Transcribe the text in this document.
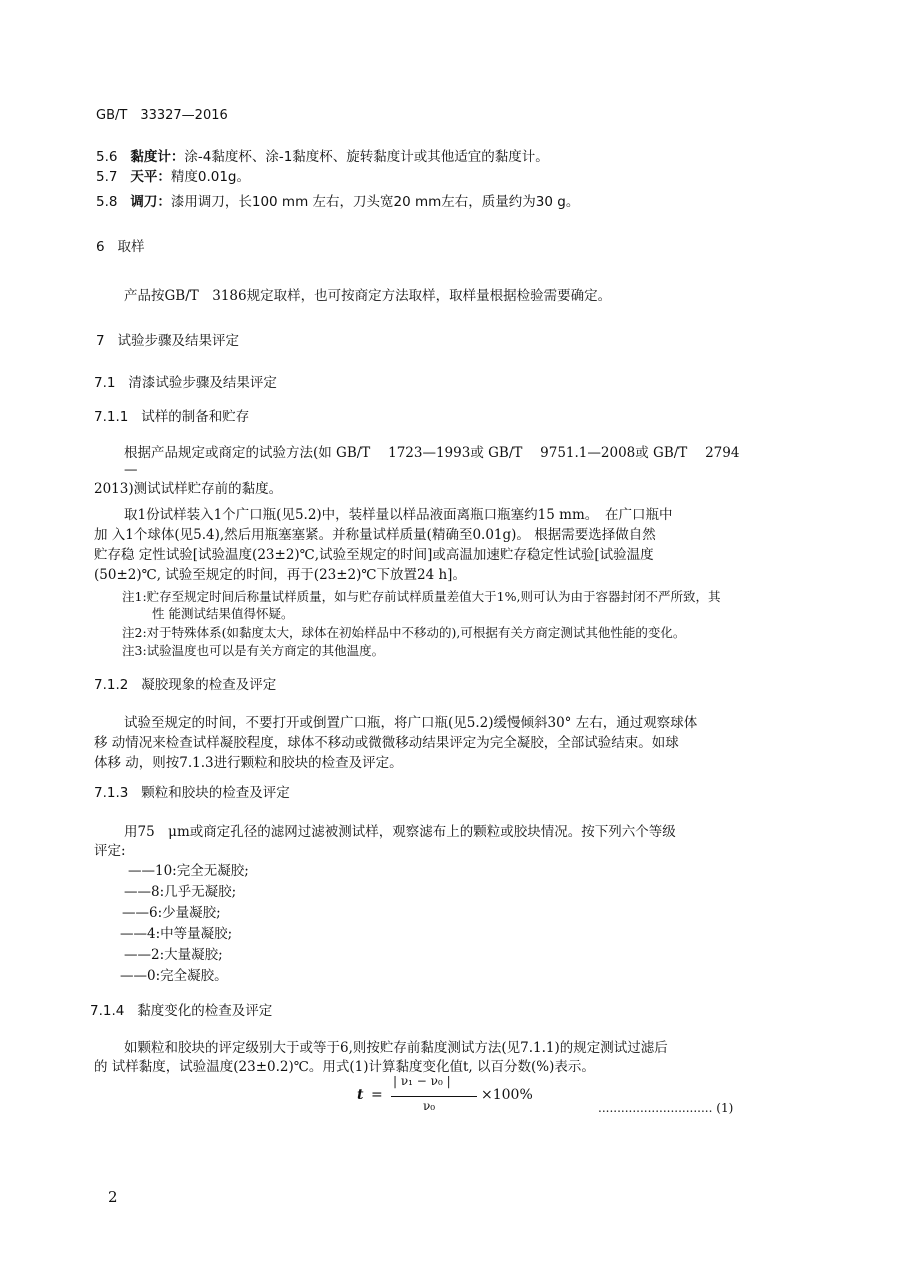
GB/T　33327—2016
5.6 黏度计：涂-4黏度杯、涂-1黏度杯、旋转黏度计或其他适宜的黏度计。
5.7 天平：精度0.01g。
5.8 调刀：漆用调刀，长100 mm 左右，刀头宽20 mm左右，质量约为30 g。
6 取样
产品按GB/T　3186规定取样，也可按商定方法取样，取样量根据检验需要确定。
7 试验步骤及结果评定
7.1 清漆试验步骤及结果评定
7.1.1 试样的制备和贮存
根据产品规定或商定的试验方法(如 GB/T　 1723—1993或 GB/T　 9751.1—2008或 GB/T　 2794
—
2013)测试试样贮存前的黏度。
取1份试样装入1个广口瓶(见5.2)中，装样量以样品液面离瓶口瓶塞约15 mm。　在广口瓶中
加 入1个球体(见5.4),然后用瓶塞塞紧。并称量试样质量(精确至0.01g)。 根据需要选择做自然
贮存稳 定性试验[试验温度(23±2)℃,试验至规定的时间]或高温加速贮存稳定性试验[试验温度
(50±2)℃, 试验至规定的时间，再于(23±2)℃下放置24 h]。
注1:贮存至规定时间后称量试样质量，如与贮存前试样质量差值大于1%,则可认为由于容器封闭不严所致，其
性 能测试结果值得怀疑。
注2:对于特殊体系(如黏度太大，球体在初始样品中不移动的),可根据有关方商定测试其他性能的变化。
注3:试验温度也可以是有关方商定的其他温度。
7.1.2 凝胶现象的检查及评定
试验至规定的时间，不要打开或倒置广口瓶，将广口瓶(见5.2)缓慢倾斜30° 左右，通过观察球体
移 动情况来检查试样凝胶程度，球体不移动或微微移动结果评定为完全凝胶，全部试验结束。如球
体移 动，则按7.1.3进行颗粒和胶块的检查及评定。
7.1.3 颗粒和胶块的检查及评定
用75　μm或商定孔径的滤网过滤被测试样，观察滤布上的颗粒或胶块情况。按下列六个等级
评定:
——10:完全无凝胶;
——8:几乎无凝胶;
——6:少量凝胶;
——4:中等量凝胶;
——2:大量凝胶;
——0:完全凝胶。
7.1.4 黏度变化的检查及评定
如颗粒和胶块的评定级别大于或等于6,则按贮存前黏度测试方法(见7.1.1)的规定测试过滤后
的 试样黏度，试验温度(23±0.2)℃。用式(1)计算黏度变化值t, 以百分数(%)表示。
t =
| ν₁ − ν₀ |
ν₀
×100%
.............................. (1)
2
